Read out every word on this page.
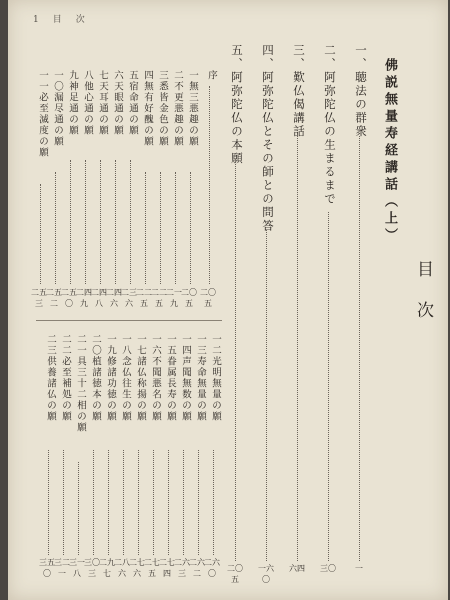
1目次
目次
佛説無量寿経講話（上）
一、聴法の群衆
一
二、阿弥陀仏の生まるまで
三〇
三、歎仏偈講話
六四
四、阿弥陀仏とその師との問答
一六〇
五、阿弥陀仏の本願
二〇五
序
二〇五
一無三悪趣の願
二〇五
二不更悪趣の願
二一九
三悉皆金色の願
二二五
四無有好醜の願
二二五
五宿命通の願
二三六
六天眼通の願
二四六
七天耳通の願
二四八
八他心通の願
二四九
九神足通の願
二五〇
一〇漏尽通の願
二五二
一一必至滅度の願
二五三
一二光明無量の願
二六〇
一三寿命無量の願
二六二
一四声聞無数の願
二六三
一五眷属長寿の願
二七四
一六不聞悪名の願
二七五
一七諸仏称揚の願
二七六
一八念仏往生の願
二八六
一九修諸功徳の願
二九七
二〇植諸徳本の願
三〇三
二一具三十二相の願
三一八
二二必至補処の願
三二一
二三供養諸仏の願
三五〇
